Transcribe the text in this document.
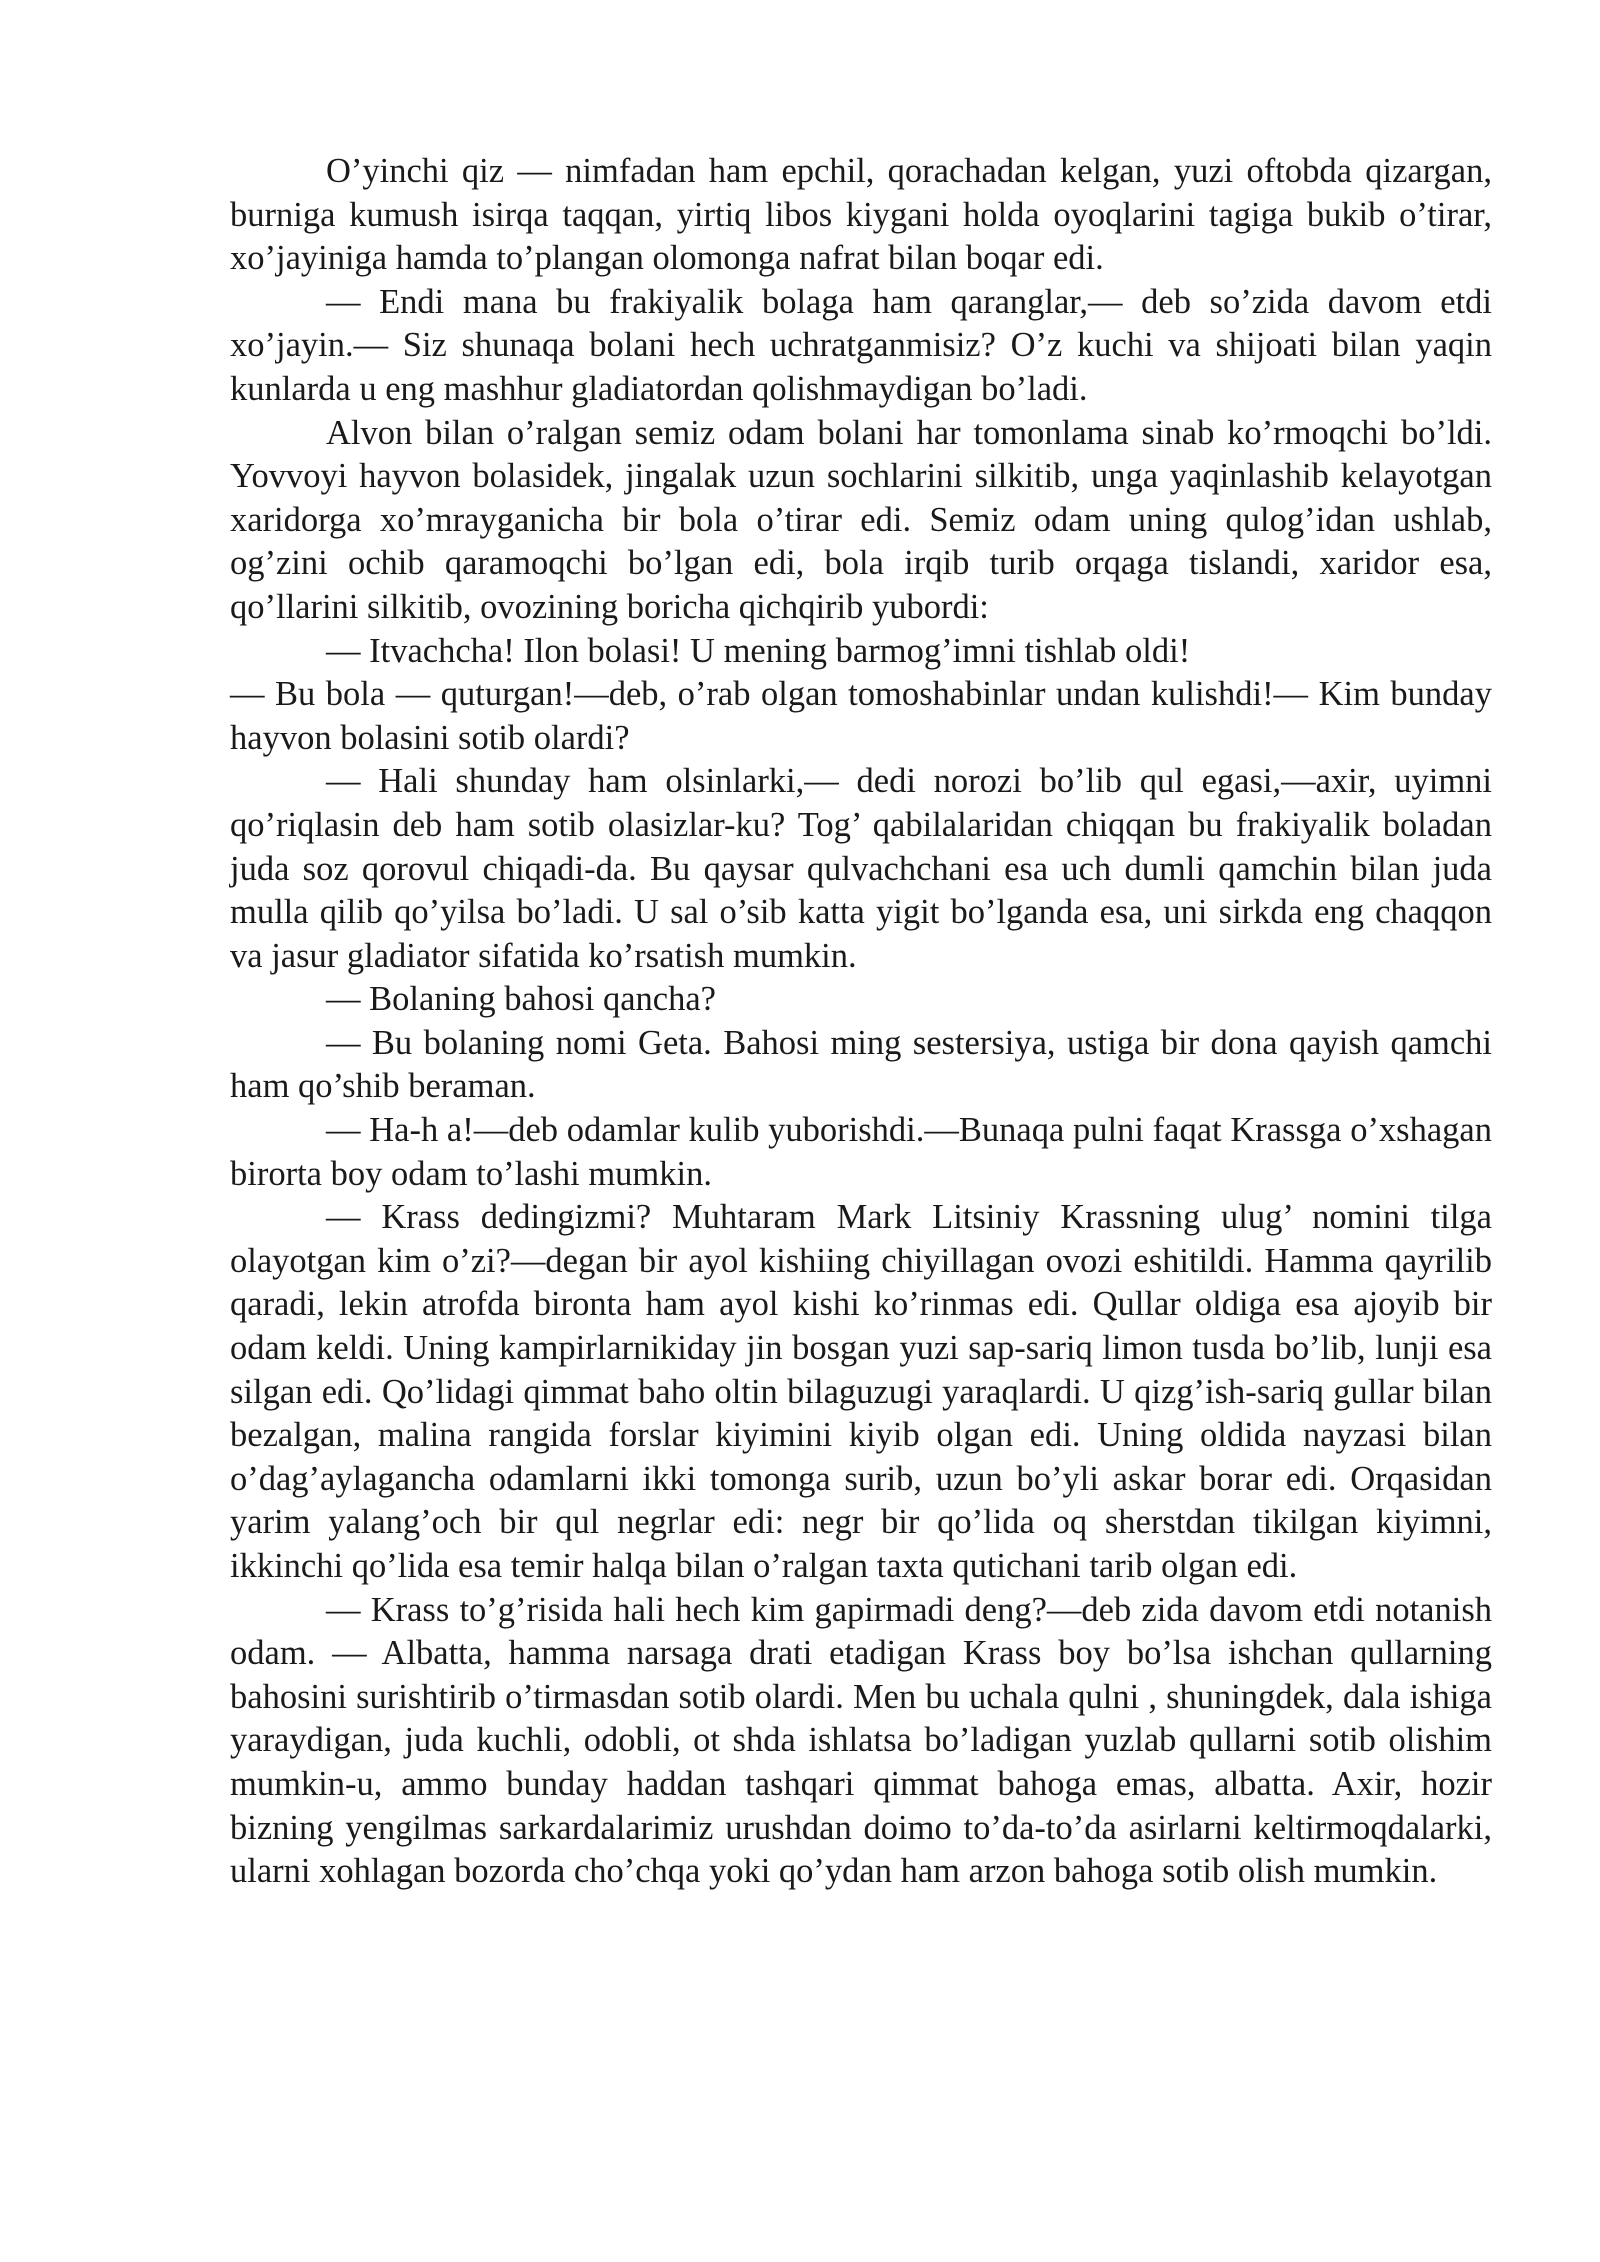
O’yinchi qiz — nimfadan ham epchil, qorachadan kelgan, yuzi oftobda qizargan, burniga kumush isirqa taqqan, yirtiq libos kiygani holda oyoqlarini tagiga bukib o’tirar, xo’jayiniga hamda to’plangan olomonga nafrat bilan boqar edi.

— Endi mana bu frakiyalik bolaga ham qaranglar,— deb so’zida davom etdi xo’jayin.— Siz shunaqa bolani hech uchratganmisiz? O’z kuchi va shijoati bilan yaqin kunlarda u eng mashhur gladiatordan qolishmaydigan bo’ladi.

Alvon bilan o’ralgan semiz odam bolani har tomonlama sinab ko’rmoqchi bo’ldi. Yovvoyi hayvon bolasidek, jingalak uzun sochlarini silkitib, unga yaqinlashib kelayotgan xaridorga xo’mrayganicha bir bola o’tirar edi. Semiz odam uning qulog’idan ushlab, og’zini ochib qaramoqchi bo’lgan edi, bola irqib turib orqaga tislandi, xaridor esa, qo’llarini silkitib, ovozining boricha qichqirib yubordi:

— Itvachcha! Ilon bolasi! U mening barmog’imni tishlab oldi!

— Bu bola — quturgan!—deb, o’rab olgan tomoshabinlar undan kulishdi!— Kim bunday hayvon bolasini sotib olardi?

— Hali shunday ham olsinlarki,— dedi norozi bo’lib qul egasi,—axir, uyimni qo’riqlasin deb ham sotib olasizlar-ku? Tog’ qabilalaridan chiqqan bu frakiyalik boladan juda soz qorovul chiqadi-da. Bu qaysar qulvachchani esa uch dumli qamchin bilan juda mulla qilib qo’yilsa bo’ladi. U sal o’sib katta yigit bo’lganda esa, uni sirkda eng chaqqon va jasur gladiator sifatida ko’rsatish mumkin.

— Bolaning bahosi qancha?

— Bu bolaning nomi Geta. Bahosi ming sestersiya, ustiga bir dona qayish qamchi ham qo’shib beraman.

— Ha-h a!—deb odamlar kulib yuborishdi.—Bunaqa pulni faqat Krassga o’xshagan birorta boy odam to’lashi mumkin.

— Krass dedingizmi? Muhtaram Mark Litsiniy Krassning ulug’ nomini tilga olayotgan kim o’zi?—degan bir ayol kishiing chiyillagan ovozi eshitildi. Hamma qayrilib qaradi, lekin atrofda bironta ham ayol kishi ko’rinmas edi. Qullar oldiga esa ajoyib bir odam keldi. Uning kampirlarnikiday jin bosgan yuzi sap-sariq limon tusda bo’lib, lunji esa silgan edi. Qo’lidagi qimmat baho oltin bilaguzugi yaraqlardi. U qizg’ish-sariq gullar bilan bezalgan, malina rangida forslar kiyimini kiyib olgan edi. Uning oldida nayzasi bilan o’dag’aylagancha odamlarni ikki tomonga surib, uzun bo’yli askar borar edi. Orqasidan yarim yalang’och bir qul negrlar edi: negr bir qo’lida oq sherstdan tikilgan kiyimni, ikkinchi qo’lida esa temir halqa bilan o’ralgan taxta qutichani tarib olgan edi.

— Krass to’g’risida hali hech kim gapirmadi deng?—deb zida davom etdi notanish odam. — Albatta, hamma narsaga drati etadigan Krass boy bo’lsa ishchan qullarning bahosini surishtirib o’tirmasdan sotib olardi. Men bu uchala qulni , shuningdek, dala ishiga yaraydigan, juda kuchli, odobli, ot shda ishlatsa bo’ladigan yuzlab qullarni sotib olishim mumkin-u, ammo bunday haddan tashqari qimmat bahoga emas, albatta. Axir, hozir bizning yengilmas sarkardalarimiz urushdan doimo to’da-to’da asirlarni keltirmoqdalarki, ularni xohlagan bozorda cho’chqa yoki qo’ydan ham arzon bahoga sotib olish mumkin.
